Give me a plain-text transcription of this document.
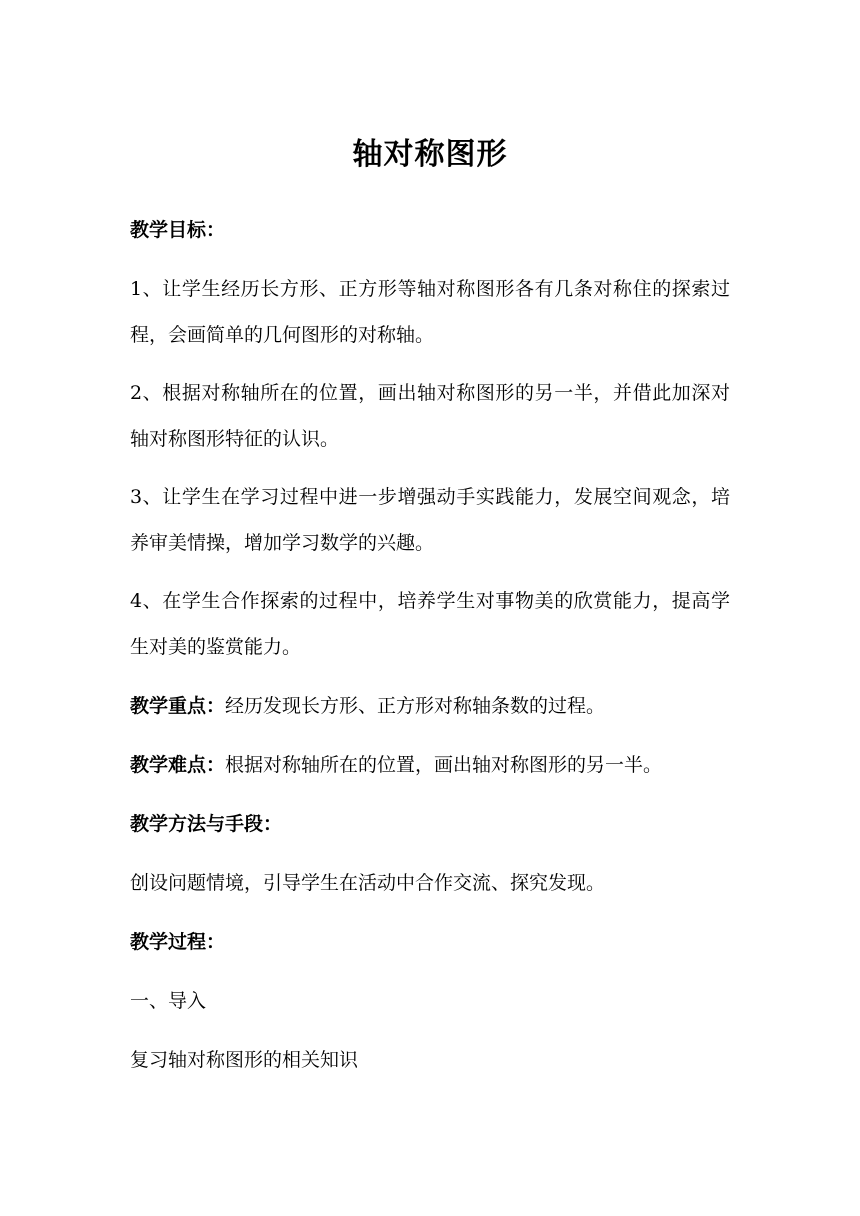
轴对称图形
教学目标：
1、让学生经历长方形、正方形等轴对称图形各有几条对称住的探索过程，会画简单的几何图形的对称轴。
2、根据对称轴所在的位置，画出轴对称图形的另一半，并借此加深对轴对称图形特征的认识。
3、让学生在学习过程中进一步增强动手实践能力，发展空间观念，培养审美情操，增加学习数学的兴趣。
4、在学生合作探索的过程中，培养学生对事物美的欣赏能力，提高学生对美的鉴赏能力。
教学重点：经历发现长方形、正方形对称轴条数的过程。
教学难点：根据对称轴所在的位置，画出轴对称图形的另一半。
教学方法与手段：
创设问题情境，引导学生在活动中合作交流、探究发现。
教学过程：
一、导入
复习轴对称图形的相关知识
